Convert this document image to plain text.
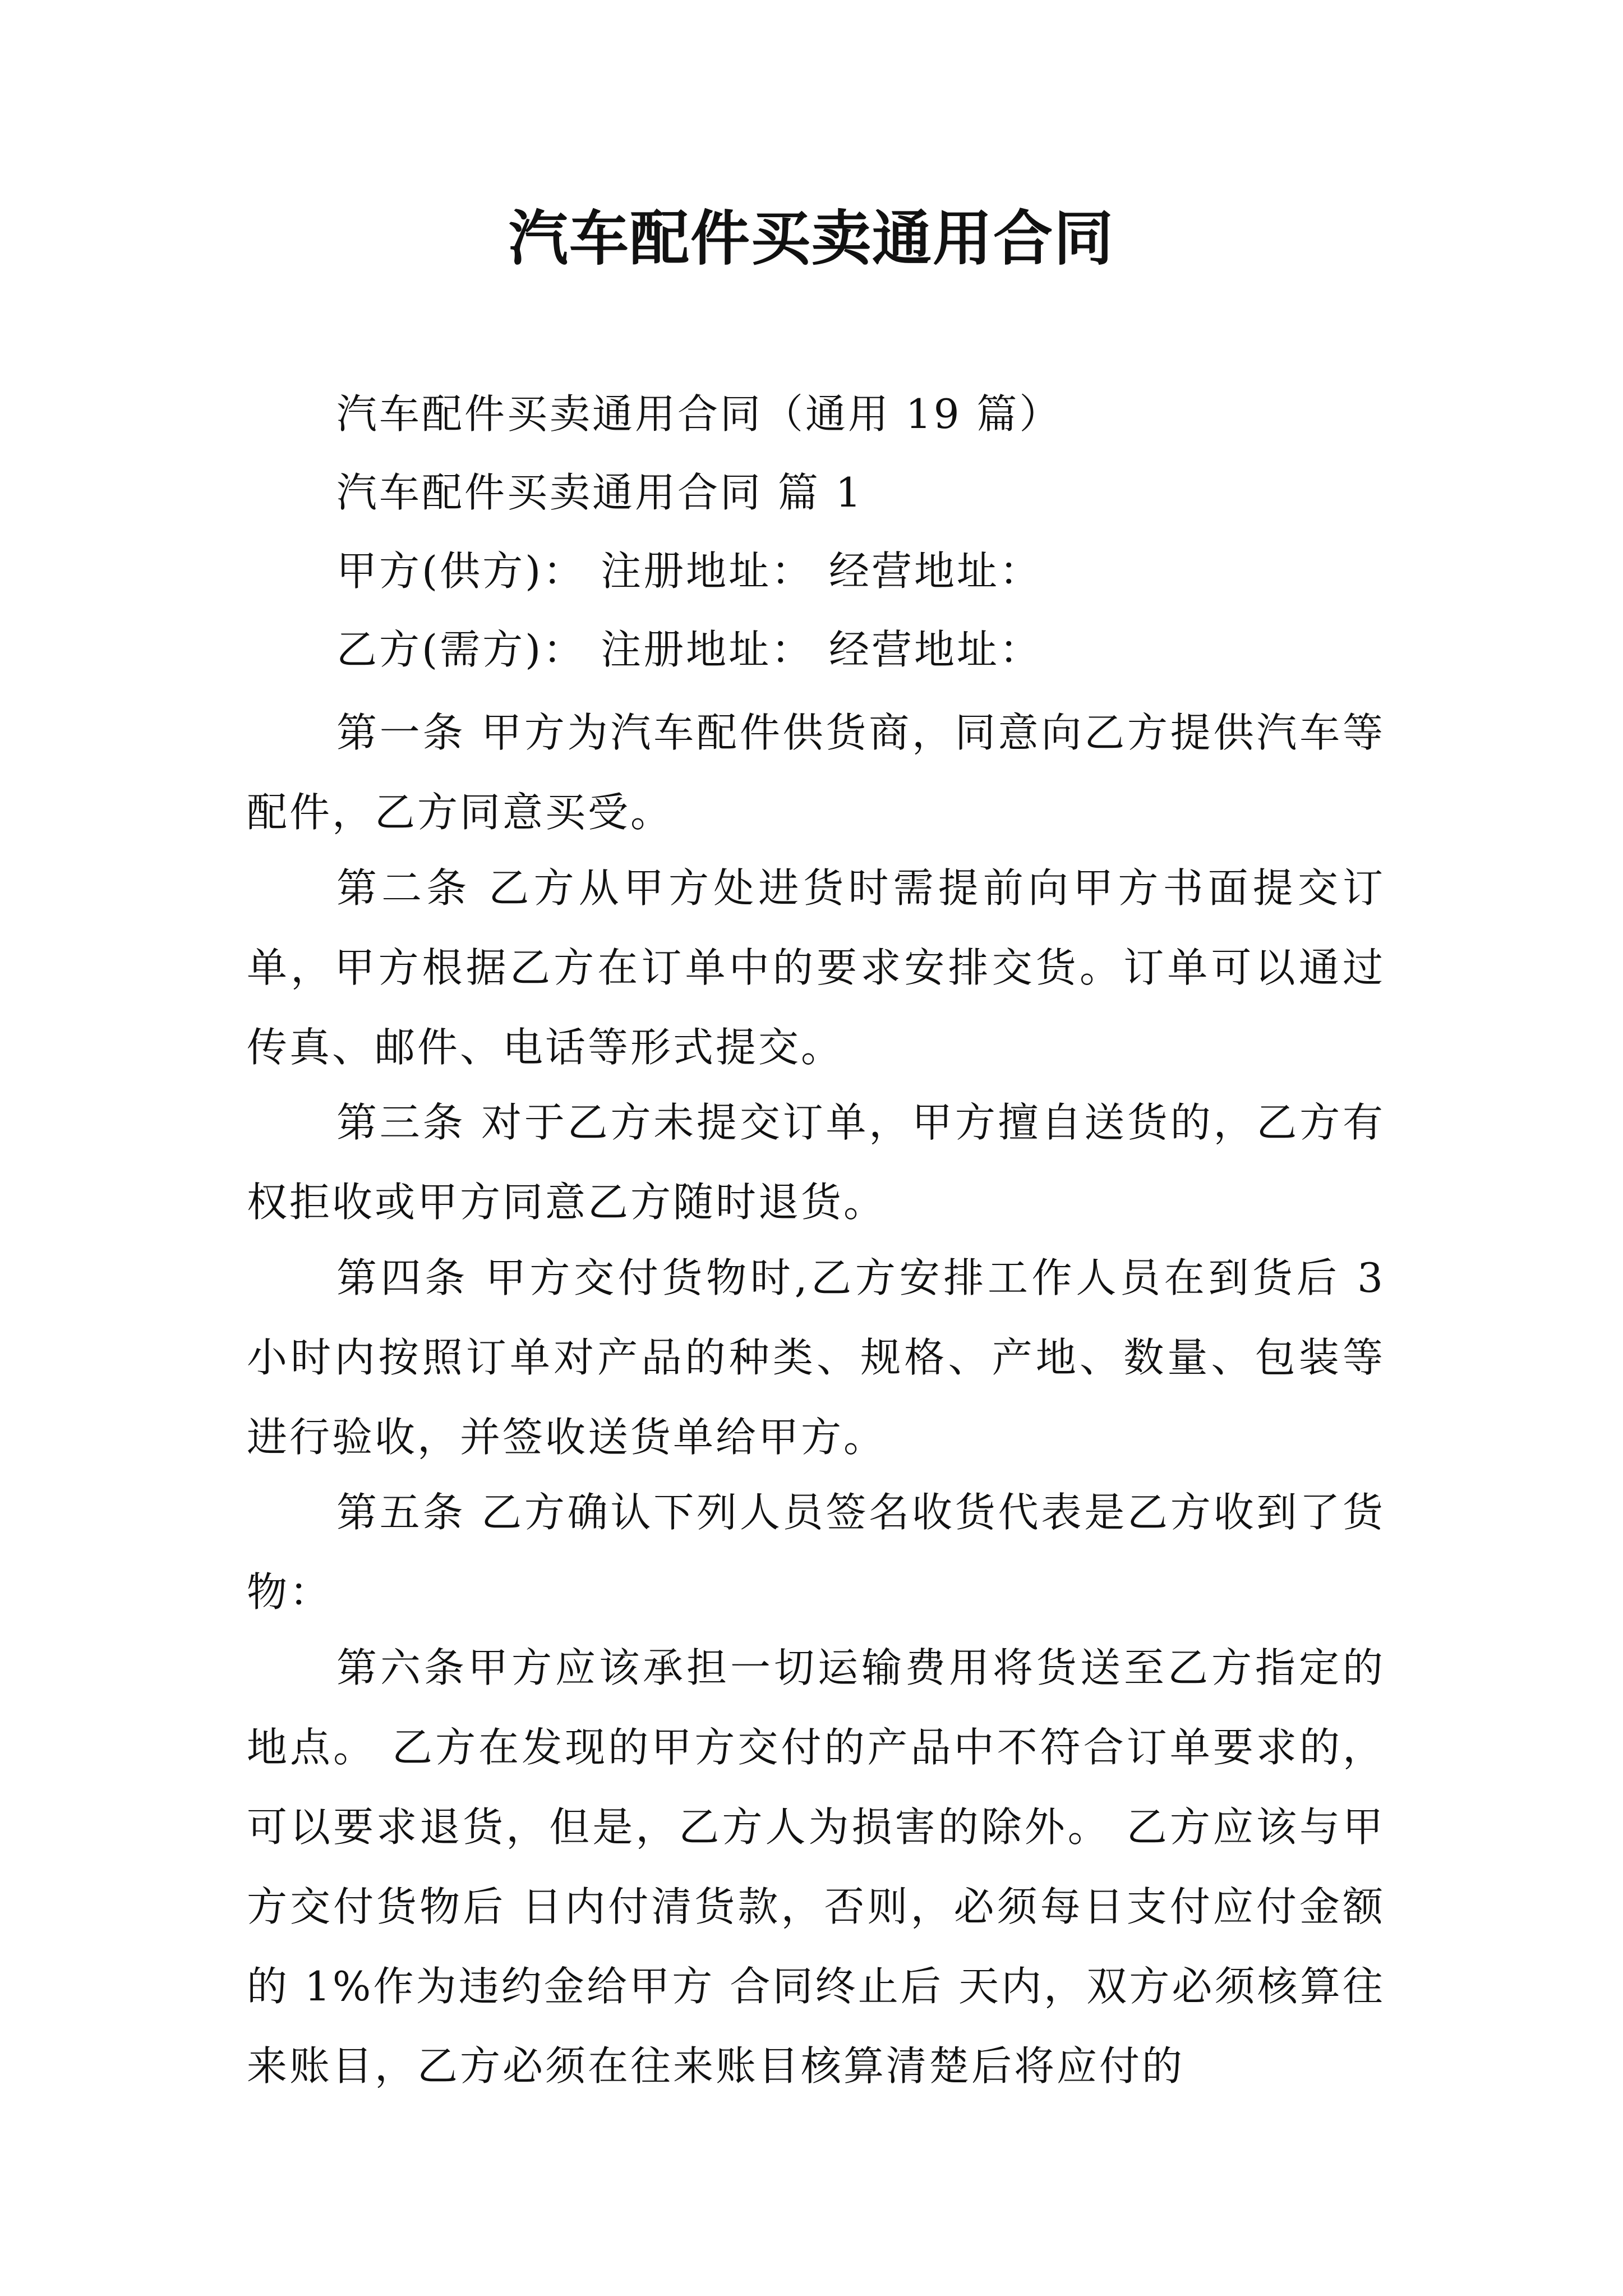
汽车配件买卖通用合同
汽车配件买卖通用合同（通用 19 篇）
汽车配件买卖通用合同 篇 1
甲方(供方)： 注册地址： 经营地址：
乙方(需方)： 注册地址： 经营地址：
第一条 甲方为汽车配件供货商，同意向乙方提供汽车等配件，乙方同意买受。
第二条 乙方从甲方处进货时需提前向甲方书面提交订单，甲方根据乙方在订单中的要求安排交货。订单可以通过传真、邮件、电话等形式提交。
第三条 对于乙方未提交订单，甲方擅自送货的，乙方有权拒收或甲方同意乙方随时退货。
第四条 甲方交付货物时,乙方安排工作人员在到货后 3 小时内按照订单对产品的种类、规格、产地、数量、包装等进行验收，并签收送货单给甲方。
第五条 乙方确认下列人员签名收货代表是乙方收到了货物：
第六条甲方应该承担一切运输费用将货送至乙方指定的地点。 乙方在发现的甲方交付的产品中不符合订单要求的，可以要求退货，但是，乙方人为损害的除外。 乙方应该与甲方交付货物后 日内付清货款，否则，必须每日支付应付金额的 1%作为违约金给甲方 合同终止后 天内，双方必须核算往来账目，乙方必须在往来账目核算清楚后将应付的
